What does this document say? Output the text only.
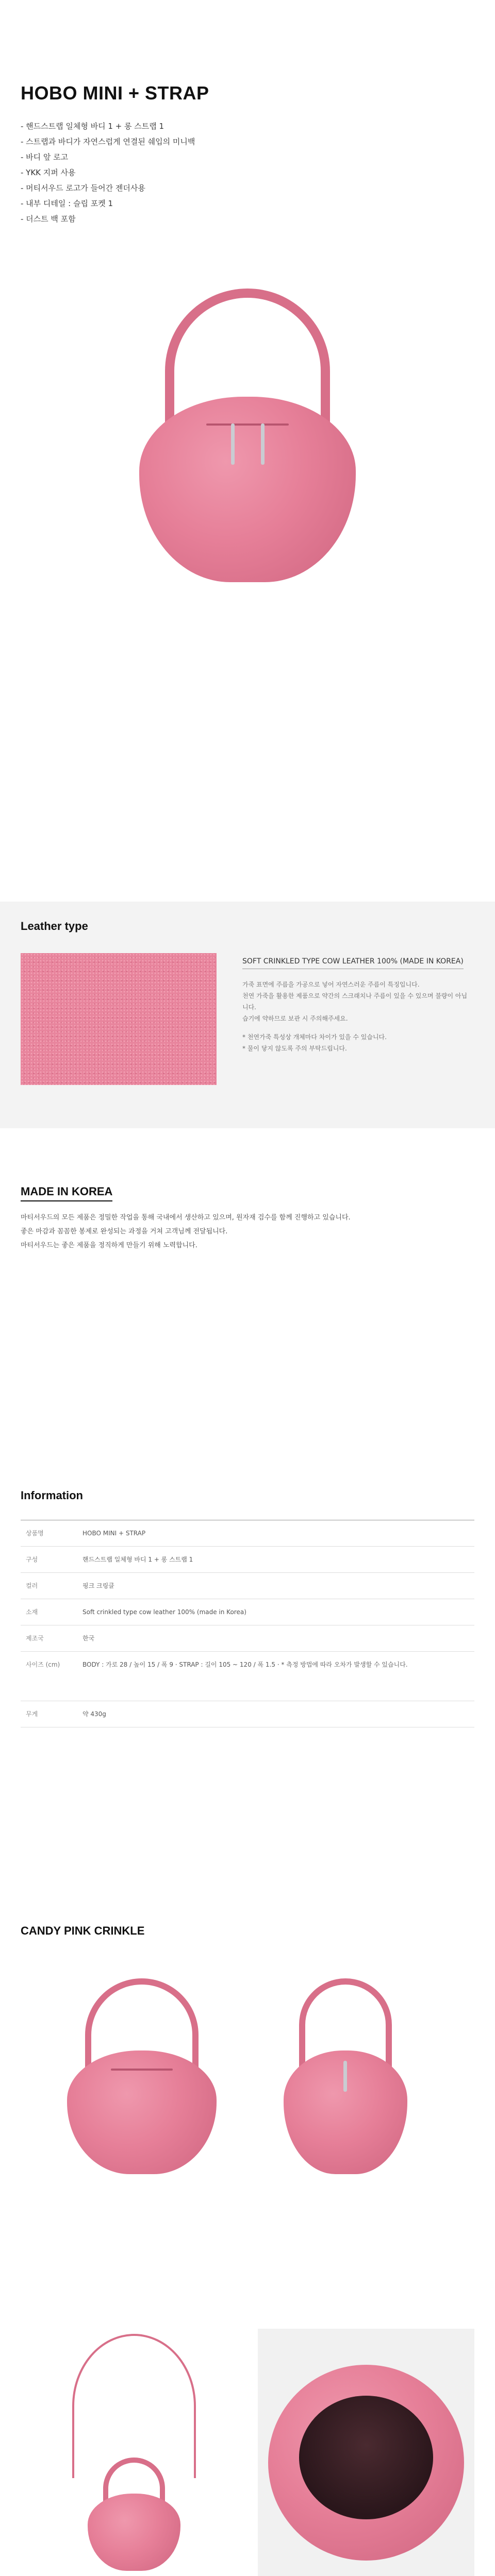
HOBO MINI + STRAP
- 핸드스트랩 일체형 바디 1 + 롱 스트랩 1
- 스트랩과 바디가 자연스럽게 연결된 쉐입의 미니백
- 바디 앞 로고
- YKK 지퍼 사용
- 머티서우드 로고가 들어간 젠더사용
- 내부 디테일 : 슬립 포켓 1
- 더스트 백 포함
Leather type
SOFT CRINKLED TYPE COW LEATHER 100% (MADE IN KOREA)

가죽 표면에 주름을 가공으로 넣어 자연스러운 주름이 특징입니다.

천연 가죽을 활용한 제품으로 약간의 스크래치나 주름이 있을 수 있으며 불량이 아닙니다.

습기에 약하므로 보관 시 주의해주세요.

* 천연가죽 특성상 개체마다 차이가 있을 수 있습니다.

* 물이 닿지 않도록 주의 부탁드립니다.

MADE IN KOREA

마티서우드의 모든 제품은 정밀한 작업을 통해 국내에서 생산하고 있으며, 원자재 검수를 함께 진행하고 있습니다.

좋은 마감과 꼼꼼한 봉제로 완성되는 과정을 거쳐 고객님께 전달됩니다.

마티서우드는 좋은 제품을 정직하게 만들기 위해 노력합니다.

Information
상품명	HOBO MINI + STRAP
구성	핸드스트랩 일체형 바디 1 + 롱 스트랩 1
컬러	핑크 크링클
소재	Soft crinkled type cow leather 100% (made in Korea)
제조국	한국
사이즈 (cm)	BODY : 가로 28 / 높이 15 / 폭 9 · STRAP : 길이 105 ~ 120 / 폭 1.5 · * 측정 방법에 따라 오차가 발생할 수 있습니다.
무게	약 430g
CANDY PINK CRINKLE
